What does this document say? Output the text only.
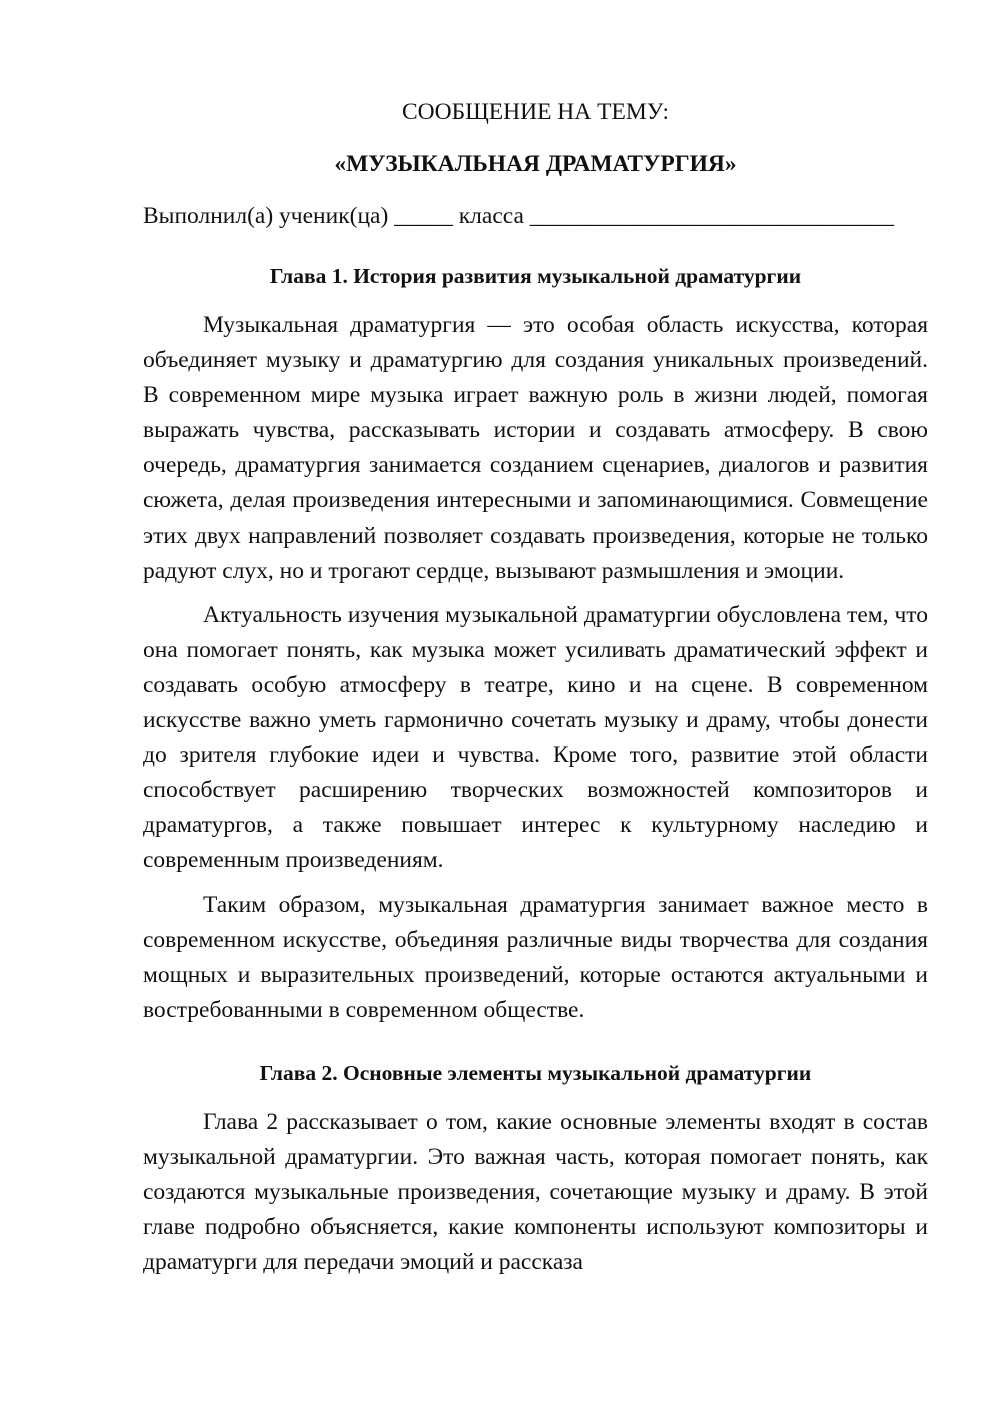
СООБЩЕНИЕ НА ТЕМУ:

«МУЗЫКАЛЬНАЯ ДРАМАТУРГИЯ»

Выполнил(а) ученик(ца) _____ класса _______________________________
Глава 1. История развития музыкальной драматургии

Музыкальная драматургия — это особая область искусства, которая объединяет музыку и драматургию для создания уникальных произведений. В современном мире музыка играет важную роль в жизни людей, помогая выражать чувства, рассказывать истории и создавать атмосферу. В свою очередь, драматургия занимается созданием сценариев, диалогов и развития сюжета, делая произведения интересными и запоминающимися. Совмещение этих двух направлений позволяет создавать произведения, которые не только радуют слух, но и трогают сердце, вызывают размышления и эмоции.

Актуальность изучения музыкальной драматургии обусловлена тем, что она помогает понять, как музыка может усиливать драматический эффект и создавать особую атмосферу в театре, кино и на сцене. В современном искусстве важно уметь гармонично сочетать музыку и драму, чтобы донести до зрителя глубокие идеи и чувства. Кроме того, развитие этой области способствует расширению творческих возможностей композиторов и драматургов, а также повышает интерес к культурному наследию и современным произведениям.

Таким образом, музыкальная драматургия занимает важное место в современном искусстве, объединяя различные виды творчества для создания мощных и выразительных произведений, которые остаются актуальными и востребованными в современном обществе.

Глава 2. Основные элементы музыкальной драматургии

Глава 2 рассказывает о том, какие основные элементы входят в состав музыкальной драматургии. Это важная часть, которая помогает понять, как создаются музыкальные произведения, сочетающие музыку и драму. В этой главе подробно объясняется, какие компоненты используют композиторы и драматурги для передачи эмоций и рассказа
